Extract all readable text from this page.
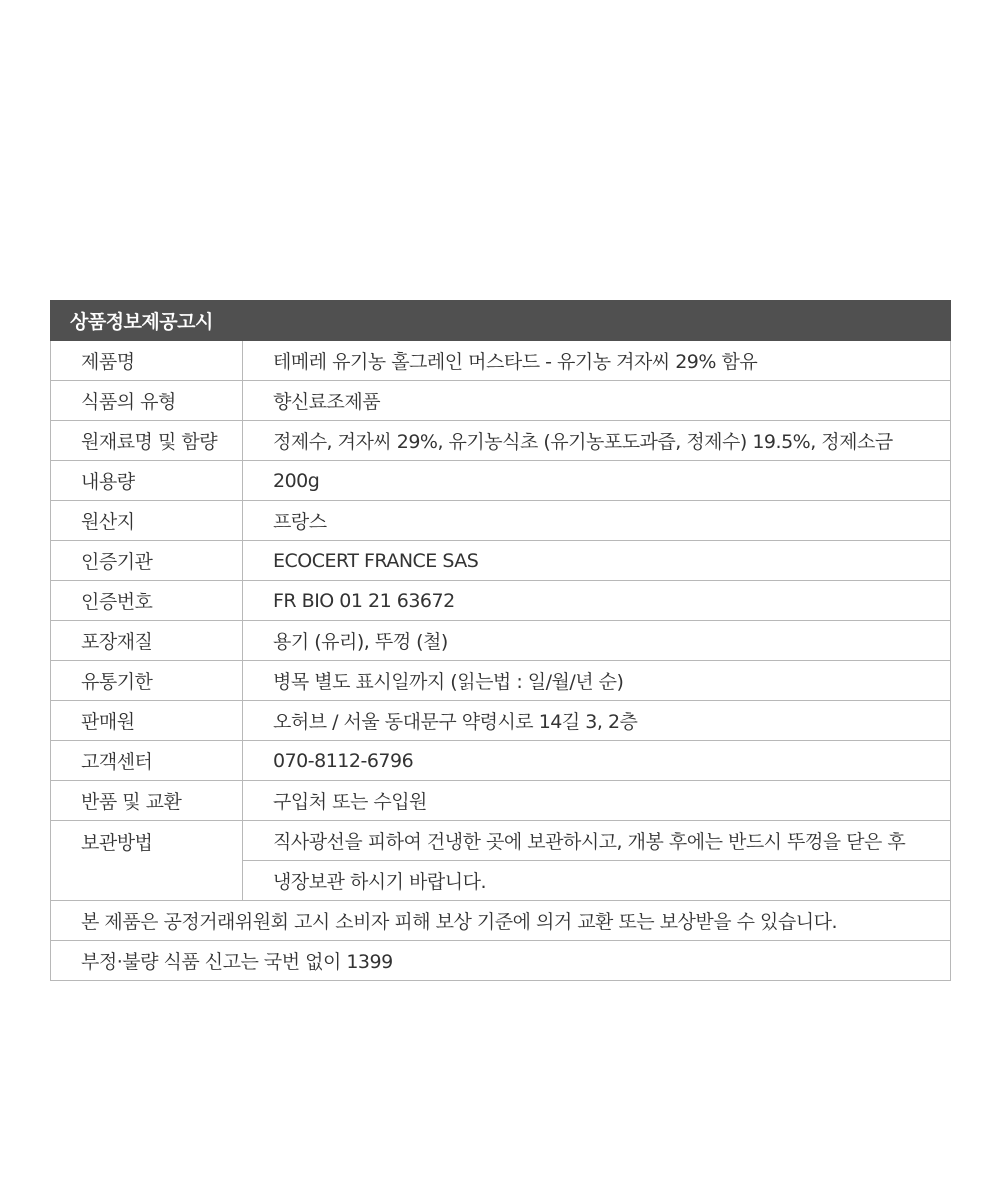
상품정보제공고시	
제품명	테메레 유기농 홀그레인 머스타드 - 유기농 겨자씨 29% 함유
식품의 유형	향신료조제품
원재료명 및 함량	정제수, 겨자씨 29%, 유기농식초 (유기농포도과즙, 정제수) 19.5%, 정제소금
내용량	200g
원산지	프랑스
인증기관	ECOCERT FRANCE SAS
인증번호	FR BIO 01 21 63672
포장재질	용기 (유리), 뚜껑 (철)
유통기한	병목 별도 표시일까지 (읽는법 : 일/월/년 순)
판매원	오허브 / 서울 동대문구 약령시로 14길 3, 2층
고객센터	070-8112-6796
반품 및 교환	구입처 또는 수입원
보관방법	직사광선을 피하여 건냉한 곳에 보관하시고, 개봉 후에는 반드시 뚜껑을 닫은 후
	냉장보관 하시기 바랍니다.
본 제품은 공정거래위원회 고시 소비자 피해 보상 기준에 의거 교환 또는 보상받을 수 있습니다.	
부정·불량 식품 신고는 국번 없이 1399	
